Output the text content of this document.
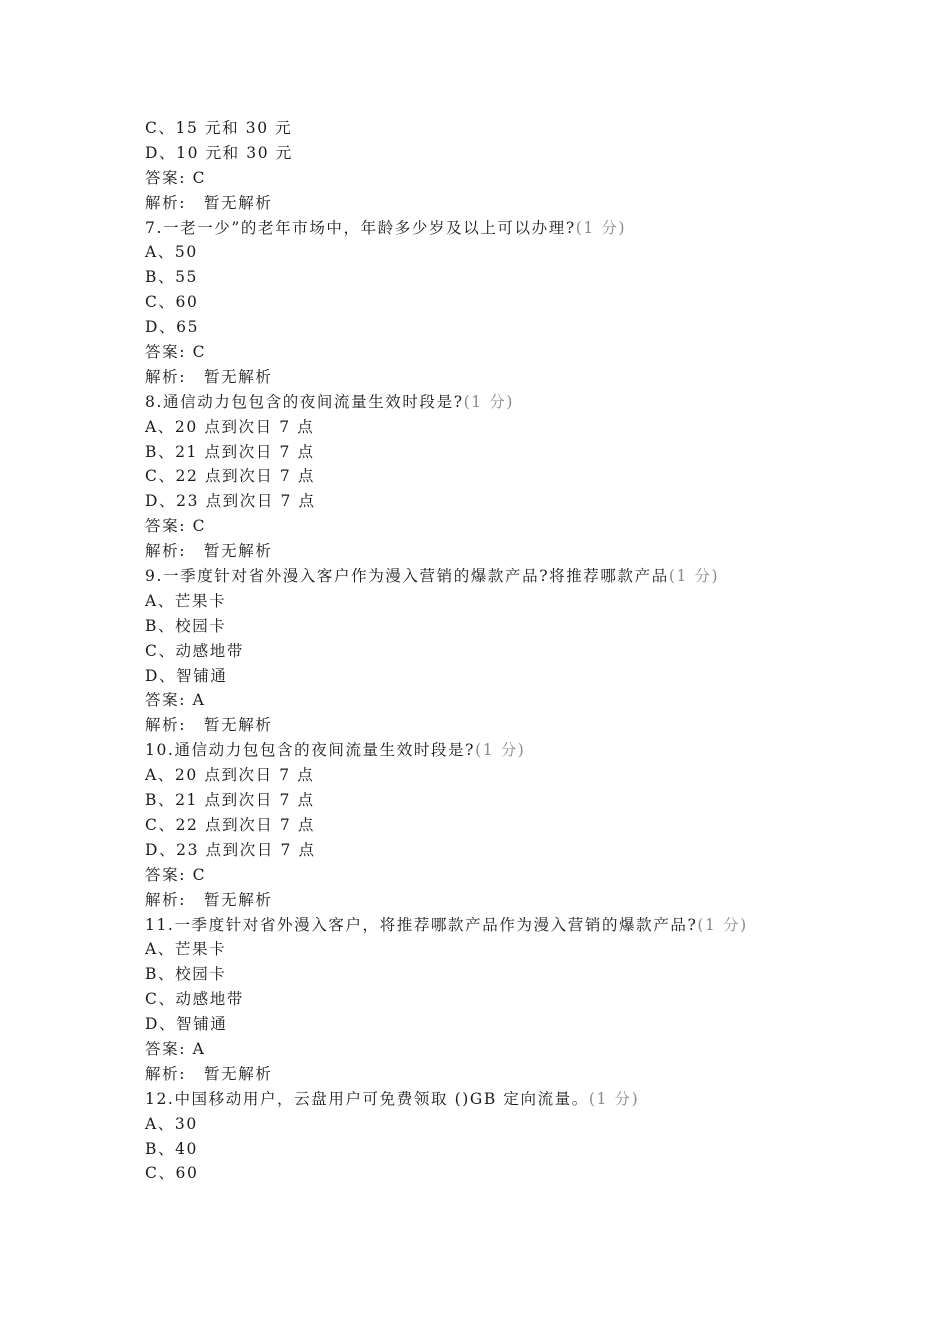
C、15 元和 30 元
D、10 元和 30 元
答案: C
解析: 暂无解析
7.一老一少”的老年市场中，年龄多少岁及以上可以办理?(1 分)
A、50
B、55
C、60
D、65
答案: C
解析: 暂无解析
8.通信动力包包含的夜间流量生效时段是?(1 分)
A、20 点到次日 7 点
B、21 点到次日 7 点
C、22 点到次日 7 点
D、23 点到次日 7 点
答案: C
解析: 暂无解析
9.一季度针对省外漫入客户作为漫入营销的爆款产品?将推荐哪款产品(1 分)
A、芒果卡
B、校园卡
C、动感地带
D、智铺通
答案: A
解析: 暂无解析
10.通信动力包包含的夜间流量生效时段是?(1 分)
A、20 点到次日 7 点
B、21 点到次日 7 点
C、22 点到次日 7 点
D、23 点到次日 7 点
答案: C
解析: 暂无解析
11.一季度针对省外漫入客户，将推荐哪款产品作为漫入营销的爆款产品?(1 分)
A、芒果卡
B、校园卡
C、动感地带
D、智铺通
答案: A
解析: 暂无解析
12.中国移动用户，云盘用户可免费领取 ()GB 定向流量。(1 分)
A、30
B、40
C、60
